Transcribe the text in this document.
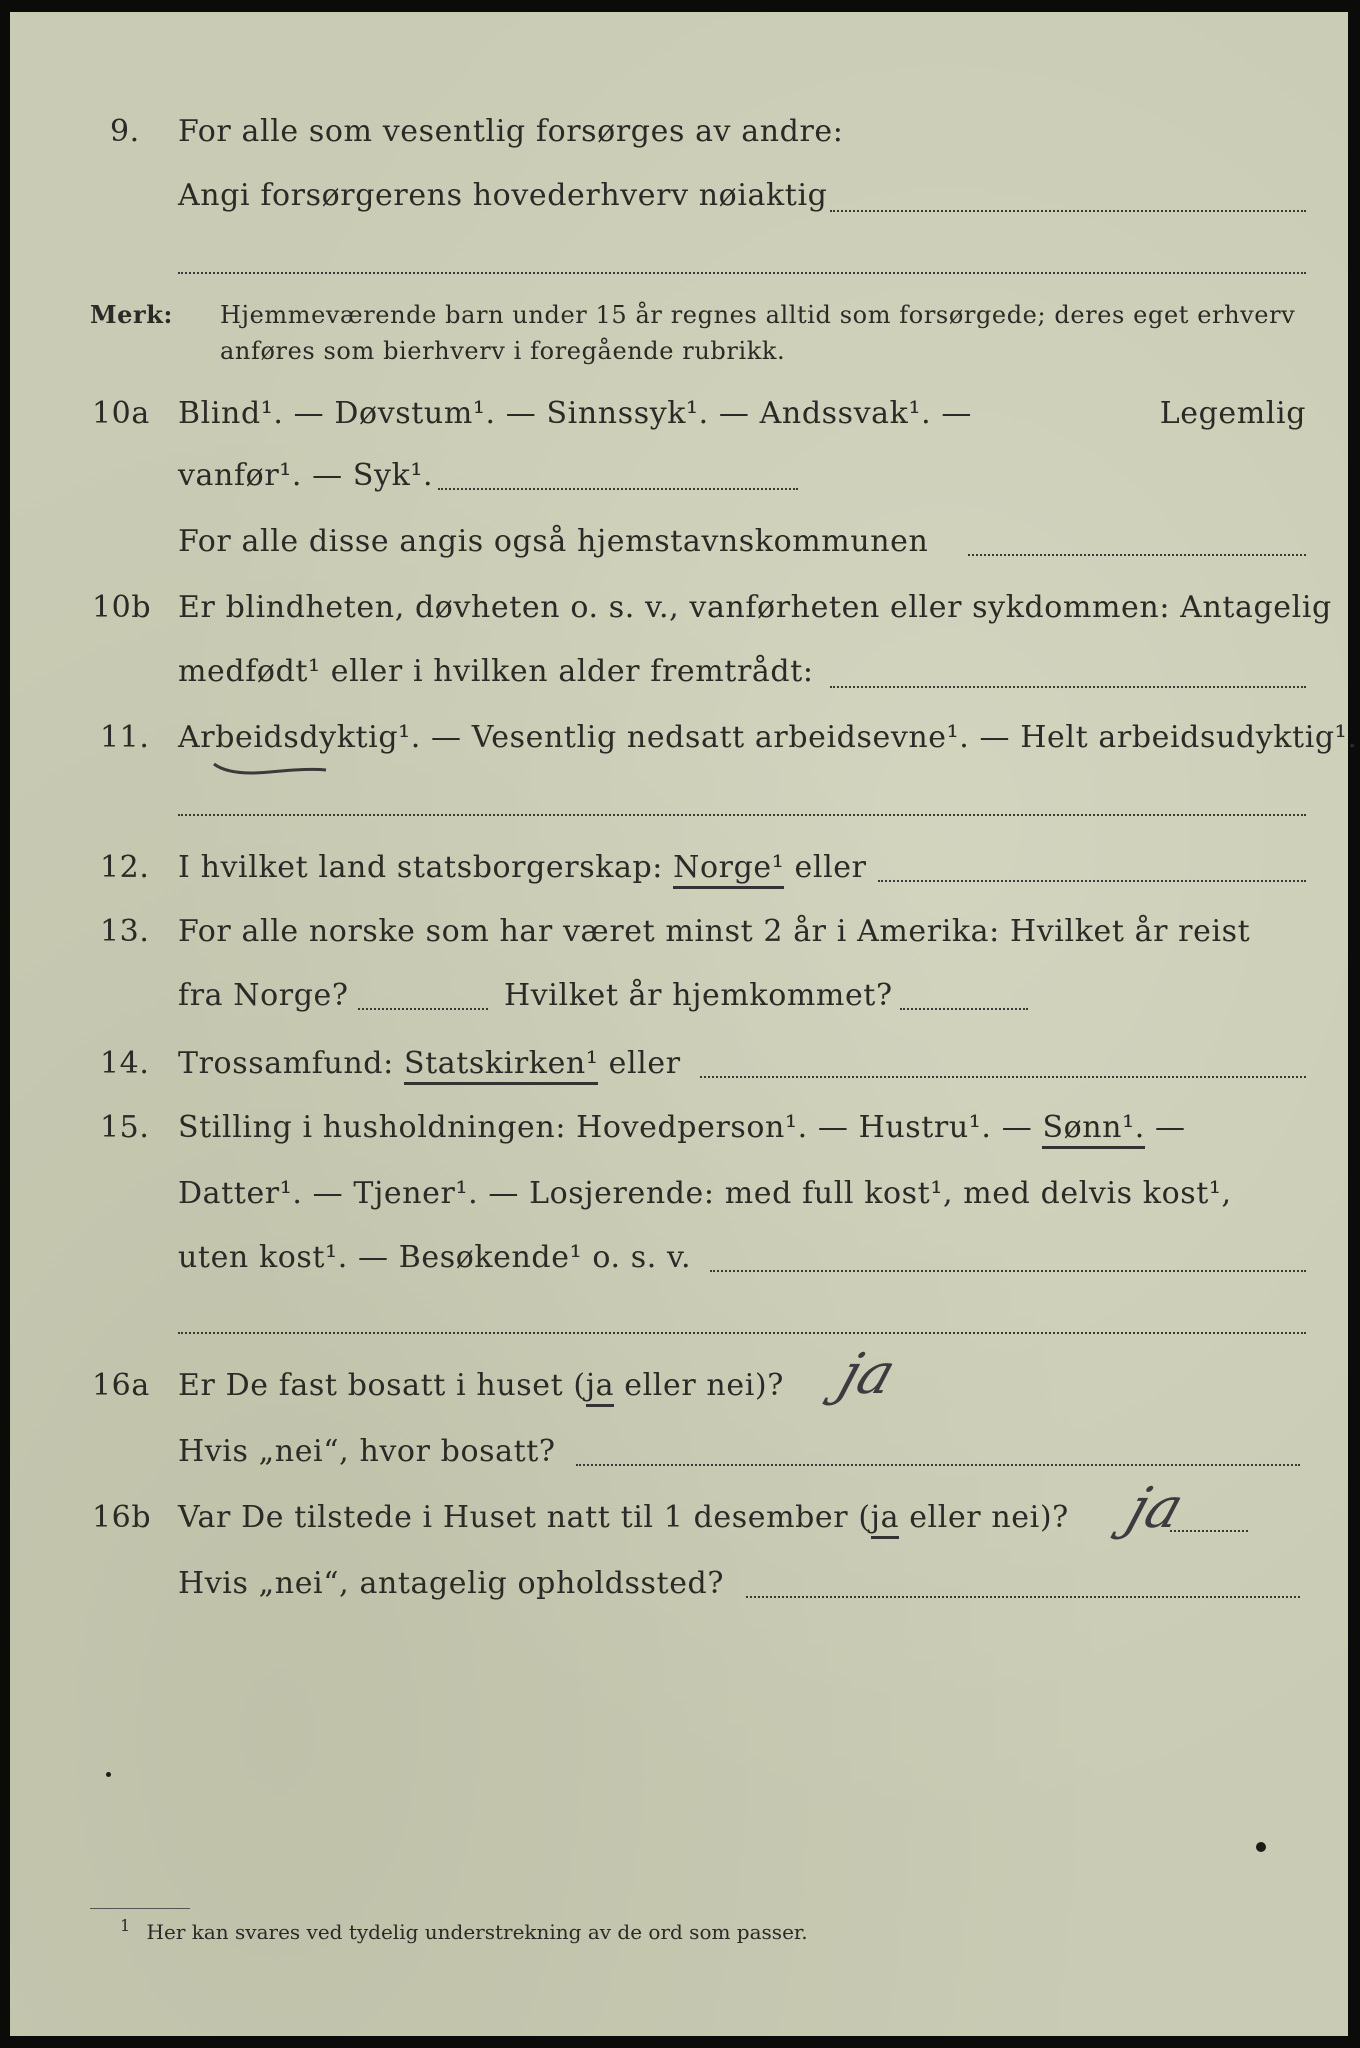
9.	For alle som vesentlig forsørges av andre:
Angi forsørgerens hovederhverv nøiaktig
Merk: Hjemmeværende barn under 15 år regnes alltid som forsørgede; deres eget erhverv
anføres som bierhverv i foregående rubrikk.
10a Blind¹. — Døvstum¹. — Sinnssyk¹. — Andssvak¹. —	Legemlig
vanfør¹. — Syk¹.
For alle disse angis også hjemstavnskommunen
10b Er blindheten, døvheten o. s. v., vanførheten eller sykdommen: Antagelig
medfødt¹ eller i hvilken alder fremtrådt:
11. Arbeidsdyktig¹. — Vesentlig nedsatt arbeidsevne¹. — Helt arbeidsudyktig¹.
12. I hvilket land statsborgerskap: Norge¹ eller
13. For alle norske som har været minst 2 år i Amerika: Hvilket år reist
fra Norge?	Hvilket år hjemkommet?
14. Trossamfund: Statskirken¹ eller
15. Stilling i husholdningen: Hovedperson¹. — Hustru¹. — Sønn¹. —
Datter¹. — Tjener¹. — Losjerende: med full kost¹, med delvis kost¹,
uten kost¹. — Besøkende¹ o. s. v.
16a Er De fast bosatt i huset (ja eller nei)? ja
Hvis „nei“, hvor bosatt?
16b Var De tilstede i Huset natt til 1 desember (ja eller nei)? ja
Hvis „nei“, antagelig opholdssted?
$^1$ Her kan svares ved tydelig understrekning av de ord som passer.
